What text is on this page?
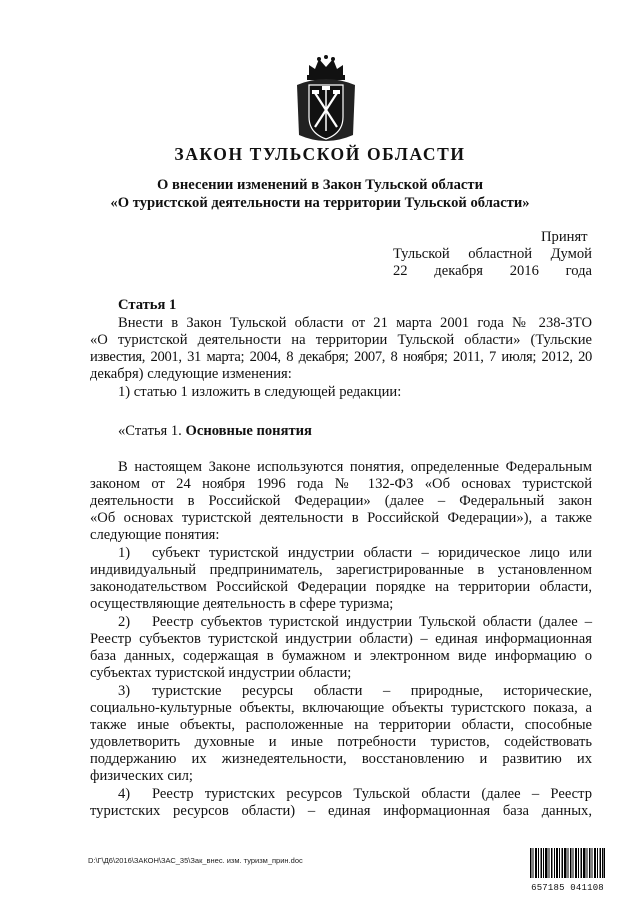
ЗАКОН ТУЛЬСКОЙ ОБЛАСТИ
О внесении изменений в Закон Тульской области
«О туристской деятельности на территории Тульской области»
Принят
Тульской областной Думой
22 декабря 2016 года
Статья 1
Внести в Закон Тульской области от 21 марта 2001 года № 238-ЗТО
«О туристской деятельности на территории Тульской области» (Тульские
известия, 2001, 31 марта; 2004, 8 декабря; 2007, 8 ноября; 2011, 7 июля; 2012, 20
декабря) следующие изменения:
1) статью 1 изложить в следующей редакции:
«Статья 1. Основные понятия
В настоящем Законе используются понятия, определенные Федеральным
законом от 24 ноября 1996 года № 132-ФЗ «Об основах туристской
деятельности в Российской Федерации» (далее – Федеральный закон
«Об основах туристской деятельности в Российской Федерации»), а также
следующие понятия:
1) субъект туристской индустрии области – юридическое лицо или
индивидуальный предприниматель, зарегистрированные в установленном
законодательством Российской Федерации порядке на территории области,
осуществляющие деятельность в сфере туризма;
2) Реестр субъектов туристской индустрии Тульской области (далее –
Реестр субъектов туристской индустрии области) – единая информационная
база данных, содержащая в бумажном и электронном виде информацию о
субъектах туристской индустрии области;
3) туристские ресурсы области – природные, исторические,
социально-культурные объекты, включающие объекты туристского показа, а
также иные объекты, расположенные на территории области, способные
удовлетворить духовные и иные потребности туристов, содействовать
поддержанию их жизнедеятельности, восстановлению и развитию их
физических сил;
4) Реестр туристских ресурсов Тульской области (далее – Реестр
туристских ресурсов области) – единая информационная база данных,
D:\Г\Д6\2016\ЗАКОН\ЗАС_35\Зак_внес. изм. туризм_прин.doc
657185 041108
